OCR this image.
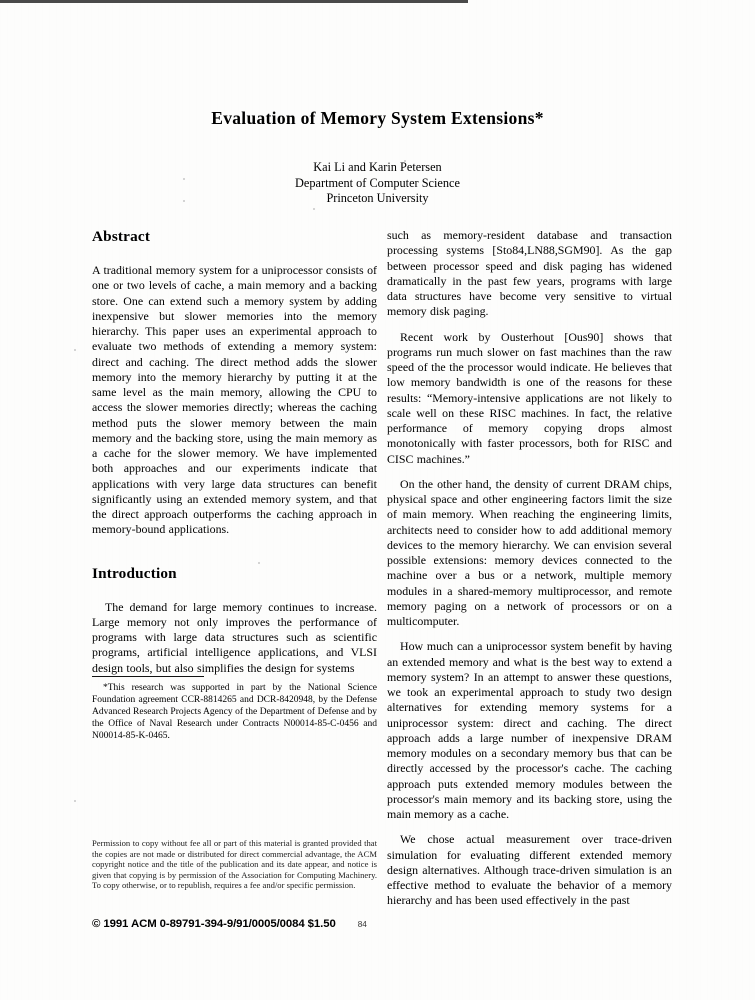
Evaluation of Memory System Extensions*
Kai Li and Karin Petersen
Department of Computer Science
Princeton University
Abstract

A traditional memory system for a uniprocessor consists of one or two levels of cache, a main memory and a backing store. One can extend such a memory system by adding inexpensive but slower memories into the memory hierarchy. This paper uses an experimental approach to evaluate two methods of extending a memory system: direct and caching. The direct method adds the slower memory into the memory hierarchy by putting it at the same level as the main memory, allowing the CPU to access the slower memories directly; whereas the caching method puts the slower memory between the main memory and the backing store, using the main memory as a cache for the slower memory. We have implemented both approaches and our experiments indicate that applications with very large data structures can benefit significantly using an extended memory system, and that the direct approach outperforms the caching approach in memory-bound applications.

Introduction

The demand for large memory continues to increase. Large memory not only improves the performance of programs with large data structures such as scientific programs, artificial intelligence applications, and VLSI design tools, but also simplifies the design for systems

*This research was supported in part by the National Science Foundation agreement CCR-8814265 and DCR-8420948, by the Defense Advanced Research Projects Agency of the Department of Defense and by the Office of Naval Research under Contracts N00014-85-C-0456 and N00014-85-K-0465.

Permission to copy without fee all or part of this material is granted provided that the copies are not made or distributed for direct commercial advantage, the ACM copyright notice and the title of the publication and its date appear, and notice is given that copying is by permission of the Association for Computing Machinery. To copy otherwise, or to republish, requires a fee and/or specific permission.

© 1991 ACM 0-89791-394-9/91/0005/0084 $1.50	84

such as memory-resident database and transaction processing systems [Sto84,LN88,SGM90]. As the gap between processor speed and disk paging has widened dramatically in the past few years, programs with large data structures have become very sensitive to virtual memory disk paging.

Recent work by Ousterhout [Ous90] shows that programs run much slower on fast machines than the raw speed of the the processor would indicate. He believes that low memory bandwidth is one of the reasons for these results: “Memory-intensive applications are not likely to scale well on these RISC machines. In fact, the relative performance of memory copying drops almost monotonically with faster processors, both for RISC and CISC machines.”

On the other hand, the density of current DRAM chips, physical space and other engineering factors limit the size of main memory. When reaching the engineering limits, architects need to consider how to add additional memory devices to the memory hierarchy. We can envision several possible extensions: memory devices connected to the machine over a bus or a network, multiple memory modules in a shared-memory multiprocessor, and remote memory paging on a network of processors or on a multicomputer.

How much can a uniprocessor system benefit by having an extended memory and what is the best way to extend a memory system? In an attempt to answer these questions, we took an experimental approach to study two design alternatives for extending memory systems for a uniprocessor system: direct and caching. The direct approach adds a large number of inexpensive DRAM memory modules on a secondary memory bus that can be directly accessed by the processor's cache. The caching approach puts extended memory modules between the processor's main memory and its backing store, using the main memory as a cache.

We chose actual measurement over trace-driven simulation for evaluating different extended memory design alternatives. Although trace-driven simulation is an effective method to evaluate the behavior of a memory hierarchy and has been used effectively in the past
